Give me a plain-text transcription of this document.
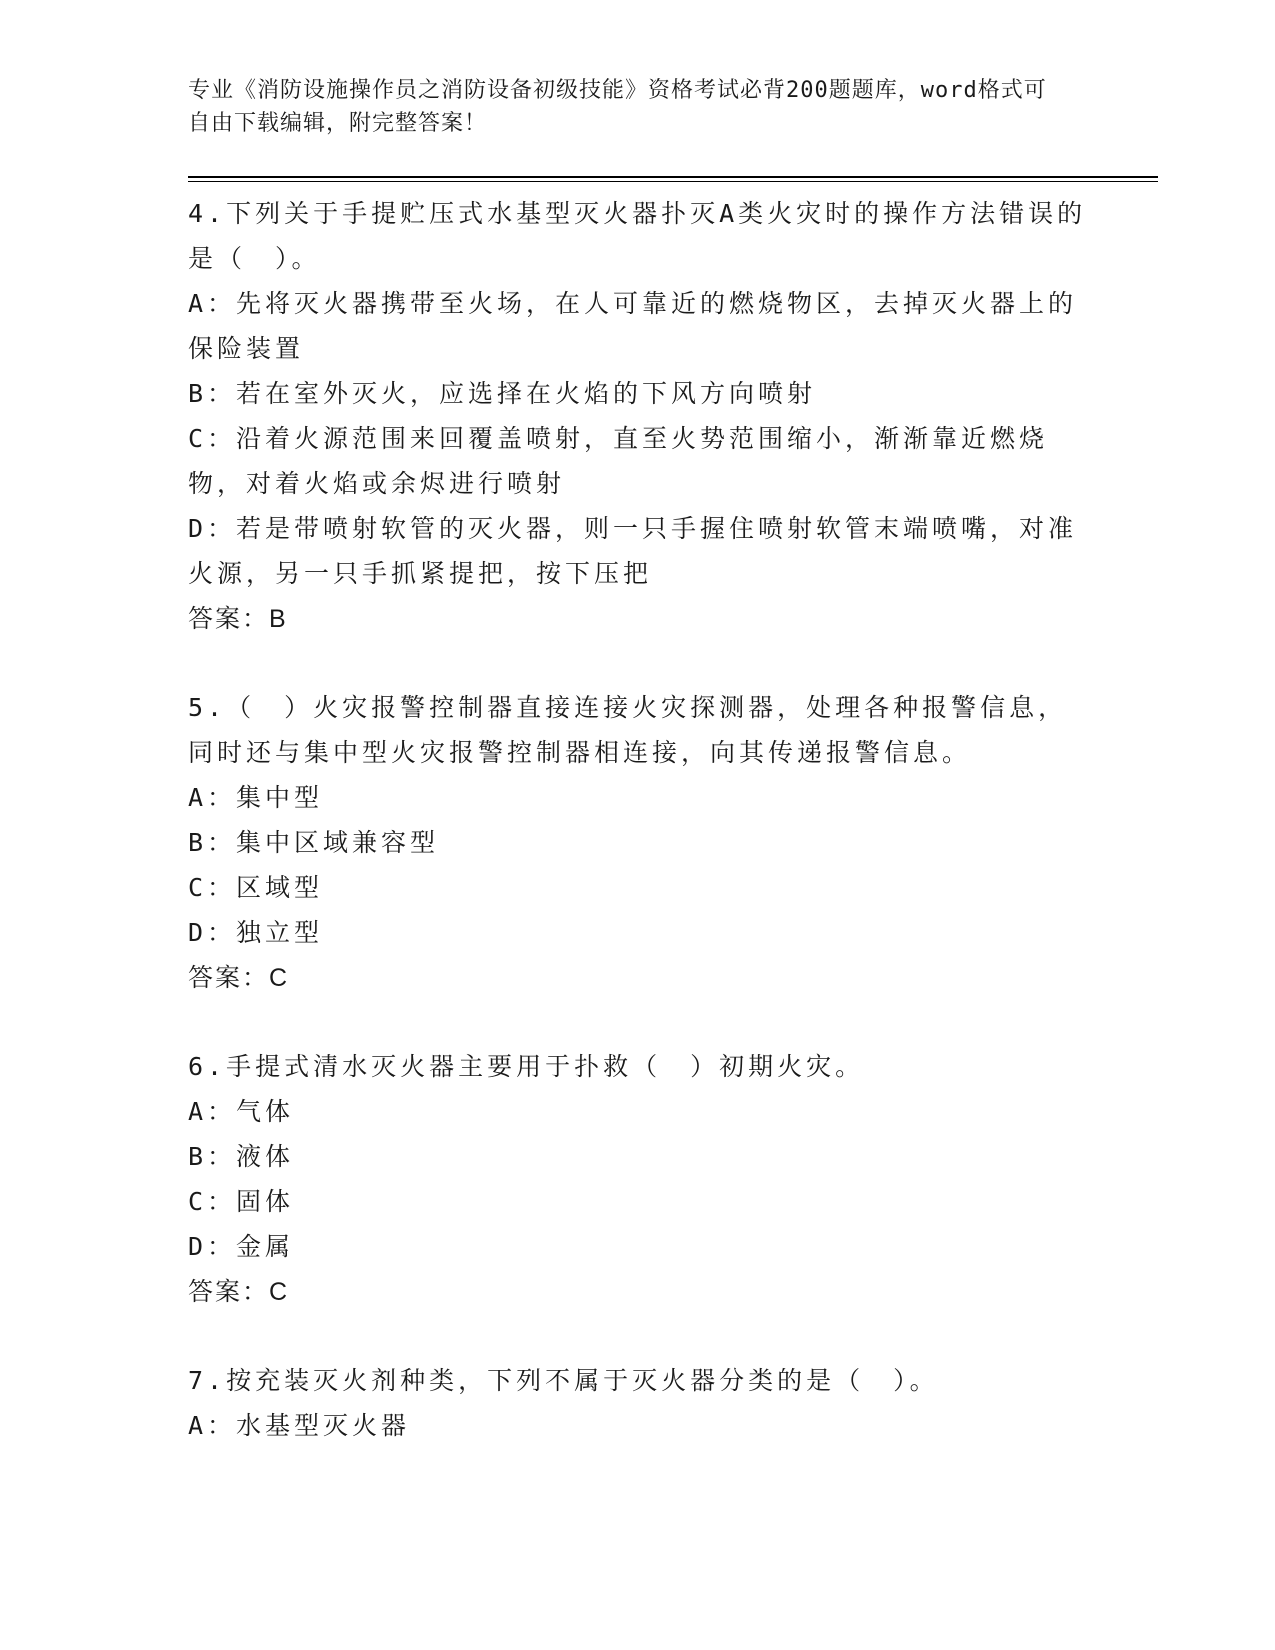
专业《消防设施操作员之消防设备初级技能》资格考试必背200题题库，word格式可自由下载编辑，附完整答案！
4.下列关于手提贮压式水基型灭火器扑灭A类火灾时的操作方法错误的是（　）。
A：先将灭火器携带至火场，在人可靠近的燃烧物区，去掉灭火器上的保险装置
B：若在室外灭火，应选择在火焰的下风方向喷射
C：沿着火源范围来回覆盖喷射，直至火势范围缩小，渐渐靠近燃烧物，对着火焰或余烬进行喷射
D：若是带喷射软管的灭火器，则一只手握住喷射软管末端喷嘴，对准火源，另一只手抓紧提把，按下压把
答案：B
5.（　）火灾报警控制器直接连接火灾探测器，处理各种报警信息，同时还与集中型火灾报警控制器相连接，向其传递报警信息。
A：集中型
B：集中区域兼容型
C：区域型
D：独立型
答案：C
6.手提式清水灭火器主要用于扑救（　）初期火灾。
A：气体
B：液体
C：固体
D：金属
答案：C
7.按充装灭火剂种类，下列不属于灭火器分类的是（　）。
A：水基型灭火器
